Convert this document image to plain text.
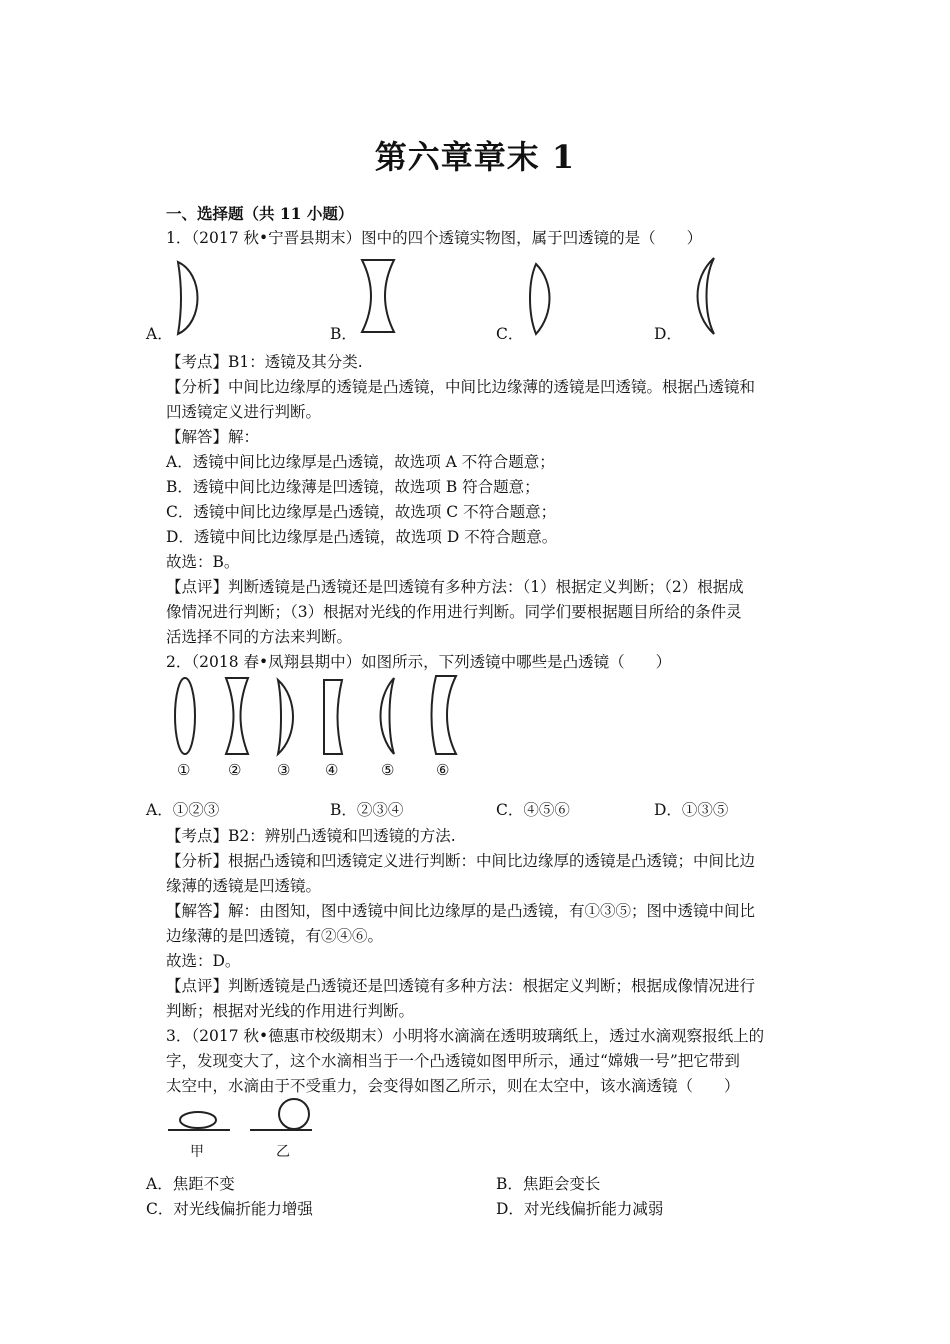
第六章章末 1
一、选择题（共 11 小题）
1．（2017 秋•宁晋县期末）图中的四个透镜实物图，属于凹透镜的是（　　）
A．	B．	C．	D．
【考点】B1：透镜及其分类.
【分析】中间比边缘厚的透镜是凸透镜，中间比边缘薄的透镜是凹透镜。根据凸透镜和
凹透镜定义进行判断。
【解答】解：
A．透镜中间比边缘厚是凸透镜，故选项 A 不符合题意；
B．透镜中间比边缘薄是凹透镜，故选项 B 符合题意；
C．透镜中间比边缘厚是凸透镜，故选项 C 不符合题意；
D．透镜中间比边缘厚是凸透镜，故选项 D 不符合题意。
故选：B。
【点评】判断透镜是凸透镜还是凹透镜有多种方法：（1）根据定义判断；（2）根据成
像情况进行判断；（3）根据对光线的作用进行判断。同学们要根据题目所给的条件灵
活选择不同的方法来判断。
2．（2018 春•凤翔县期中）如图所示，下列透镜中哪些是凸透镜（　　）
①	② ③ ④	⑤	⑥
A．①②③	B．②③④	C．④⑤⑥	D．①③⑤
【考点】B2：辨别凸透镜和凹透镜的方法.
【分析】根据凸透镜和凹透镜定义进行判断：中间比边缘厚的透镜是凸透镜；中间比边
缘薄的透镜是凹透镜。
【解答】解：由图知，图中透镜中间比边缘厚的是凸透镜，有①③⑤；图中透镜中间比
边缘薄的是凹透镜，有②④⑥。
故选：D。
【点评】判断透镜是凸透镜还是凹透镜有多种方法：根据定义判断；根据成像情况进行
判断；根据对光线的作用进行判断。
3．（2017 秋•德惠市校级期末）小明将水滴滴在透明玻璃纸上，透过水滴观察报纸上的
字，发现变大了，这个水滴相当于一个凸透镜如图甲所示，通过“嫦娥一号”把它带到
太空中，水滴由于不受重力，会变得如图乙所示，则在太空中，该水滴透镜（　　）
甲	乙
A．焦距不变	B．焦距会变长
C．对光线偏折能力增强	D．对光线偏折能力减弱
